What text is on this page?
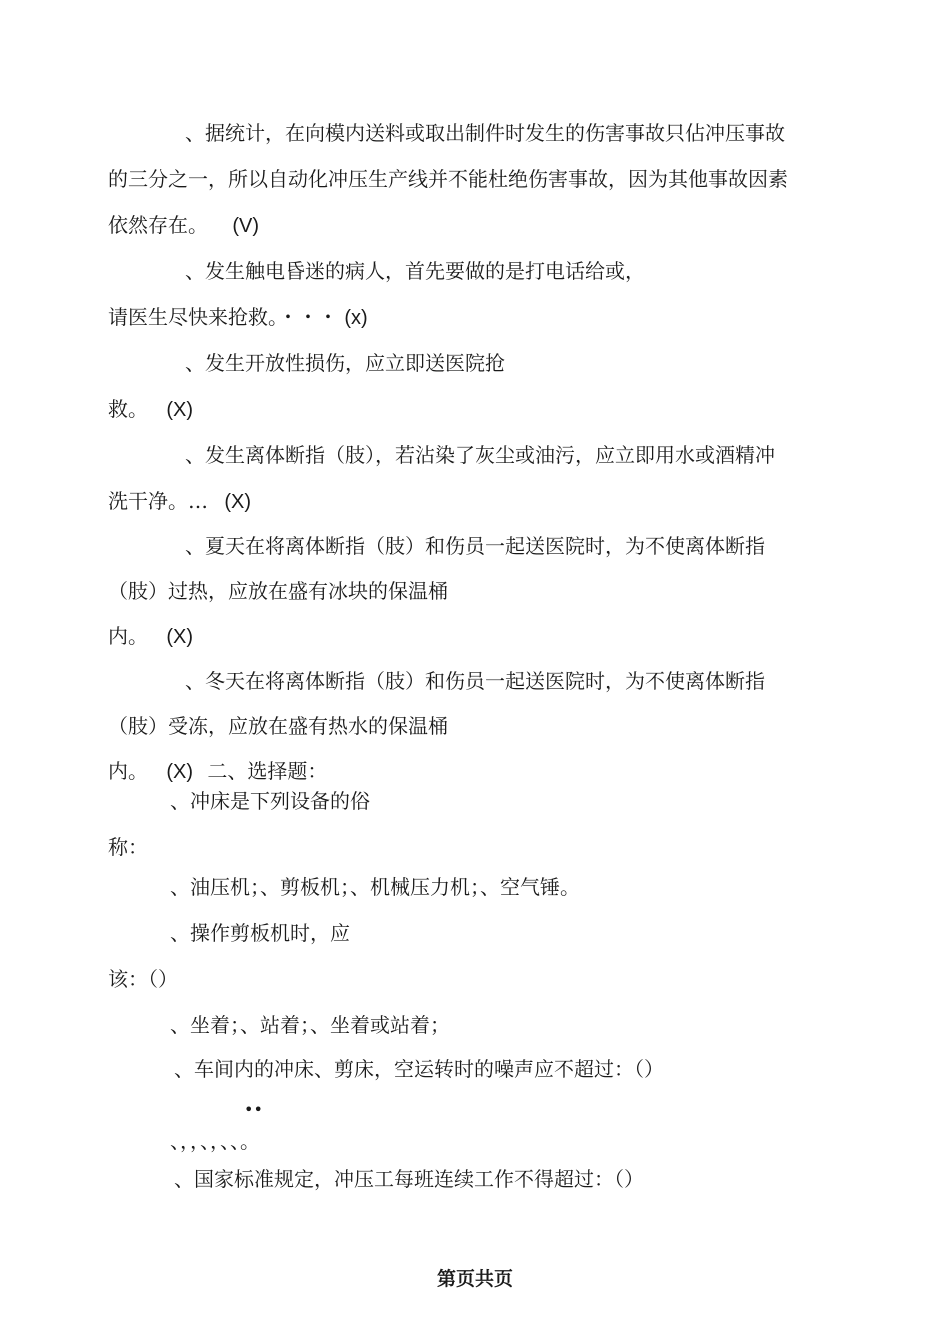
、据统计，在向模内送料或取出制件时发生的伤害事故只佔冲压事故
的三分之一，所以自动化冲压生产线并不能杜绝伤害事故，因为其他事故因素
依然存在。 (V)
、发生触电昏迷的病人，首先要做的是打电话给或，
请医生尽快来抢救。・・・ (x)
、发生开放性损伤，应立即送医院抢
救。 (X)
、发生离体断指（肢），若沾染了灰尘或油污，应立即用水或酒精冲
洗干净。… (X)
、夏天在将离体断指（肢）和伤员一起送医院时，为不使离体断指
（肢）过热，应放在盛有冰块的保温桶
内。 (X)
、冬天在将离体断指（肢）和伤员一起送医院时，为不使离体断指
（肢）受冻，应放在盛有热水的保温桶
内。 (X) 二、选择题：
、冲床是下列设备的俗
称：
、油压机；、剪板机；、机械压力机；、空气锤。
、操作剪板机时，应
该：（）
、坐着；、站着；、坐着或站着；
、车间内的冲床、剪床，空运转时的噪声应不超过：（）
••
、，，、，、、。
、国家标准规定，冲压工每班连续工作不得超过：（）
第页共页
